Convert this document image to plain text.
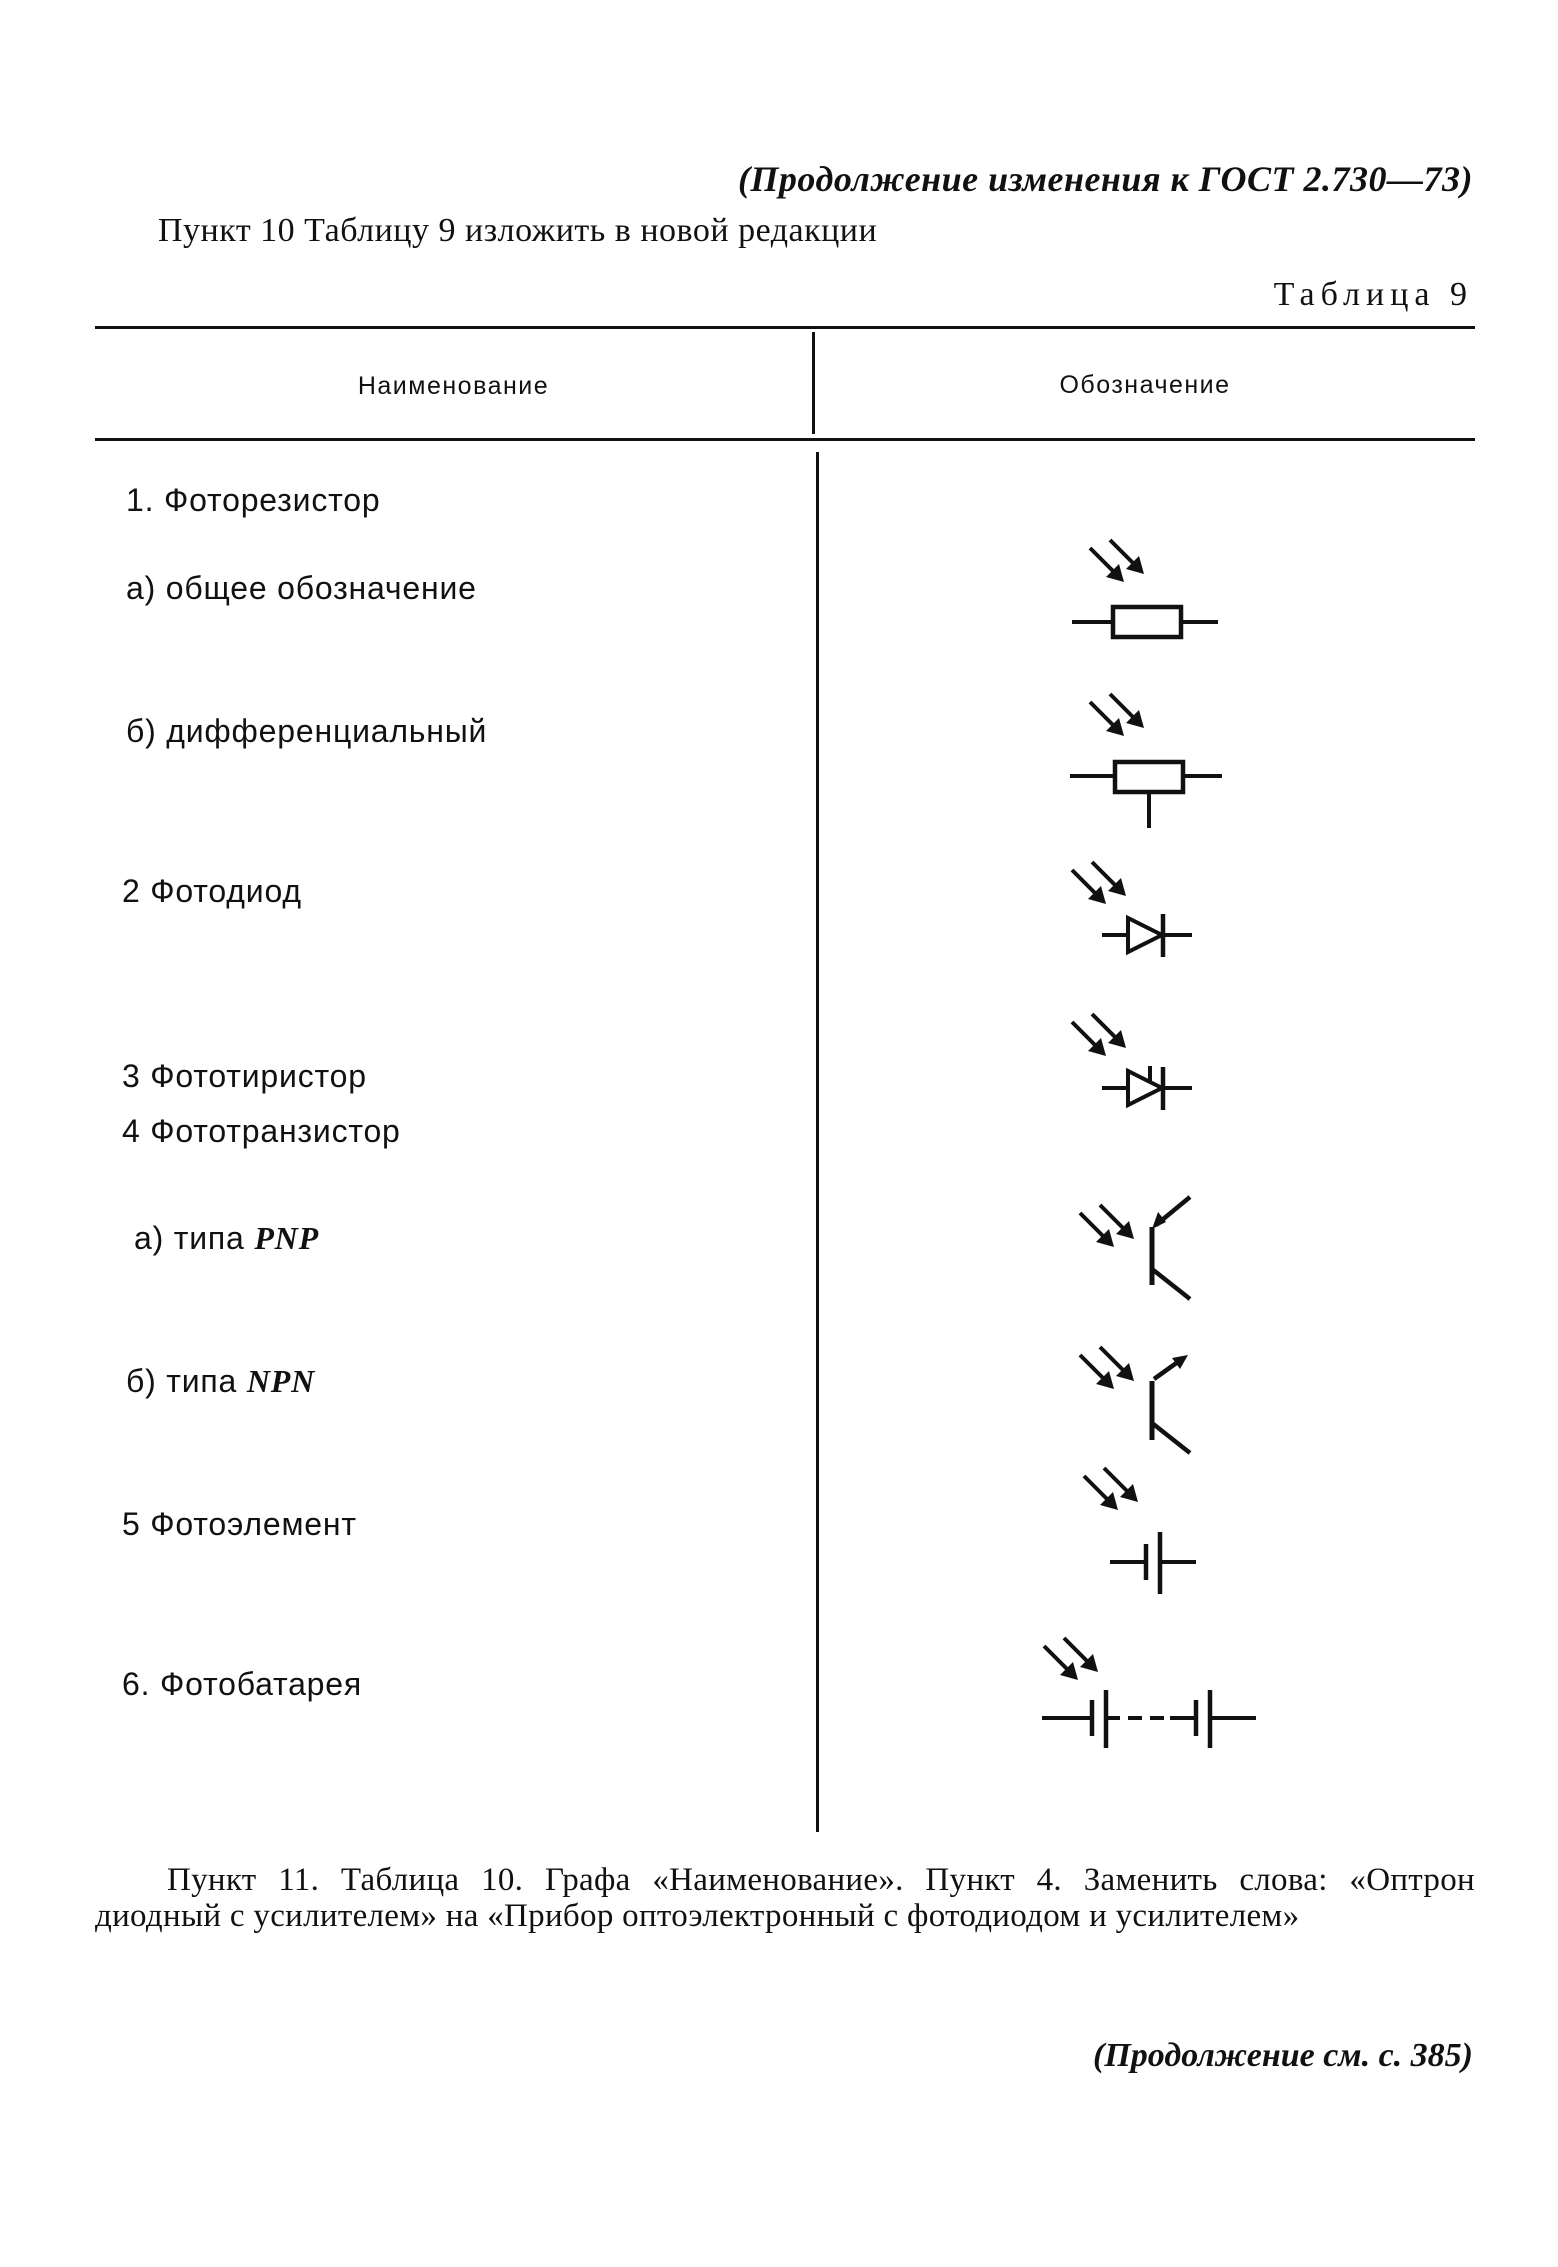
(Продолжение изменения к ГОСТ 2.730—73)
Пункт 10 Таблицу 9 изложить в новой редакции
Таблица 9
Наименование	Обозначение
1. Фоторезистор
а) общее обозначение
б) дифференциальный
2 Фотодиод
3 Фототиристор
4 Фототранзистор
а) типа PNP
б) типа NPN
5 Фотоэлемент
6. Фотобатарея
Пункт 11. Таблица 10. Графа «Наименование». Пункт 4. Заменить слова: «Оптрон диодный с усилителем» на «Прибор оптоэлектронный с фотодиодом и усилителем»
(Продолжение см. с. 385)
